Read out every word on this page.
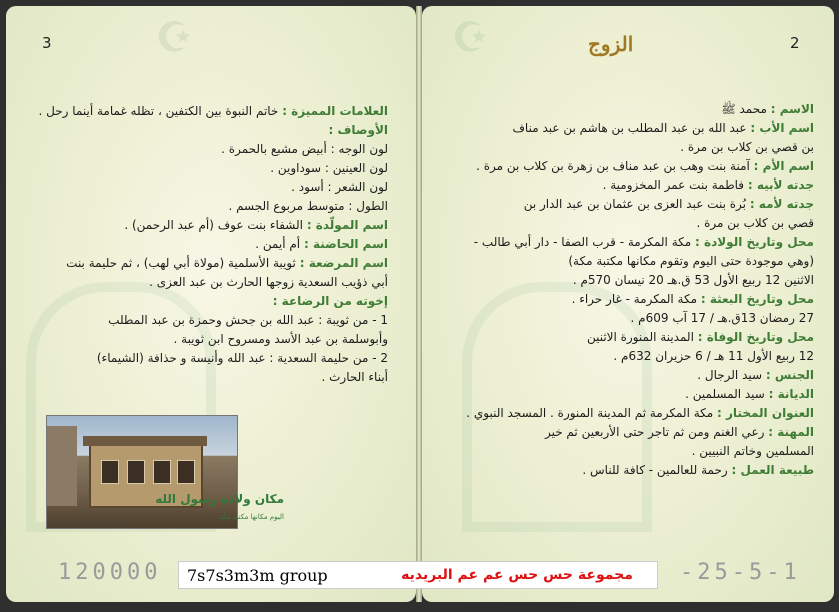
☪
3
العلامات المميزة : خاتم النبوة بين الكتفين ، تظله غمامة أينما رحل .
الأوصاف :
لون الوجه : أبيض مشبع بالحمرة .
لون العينين : سوداوين .
لون الشعر : أسود .
الطول : متوسط مربوع الجسم .
اسم المولّدة : الشفاء بنت عوف (أم عبد الرحمن) .
اسم الحاضنة : أم أيمن .
اسم المرضعة : ثويبة الأسلمية (مولاة أبي لهب) ، ثم حليمة بنت
أبي ذؤيب السعدية زوجها الحارث بن عبد العزى .
إخوته من الرضاعة :
1 - من ثويبة : عبد الله بن جحش وحمزة بن عبد المطلب
وأبوسلمة بن عبد الأسد ومسروح ابن ثويبة .
2 - من حليمة السعدية : عبد الله وأنيسة و حذافة (الشيماء)
أبناء الحارث .
مكان ولادة رسول الله
اليوم مكانها مكتبة مكة
☪	2
الزوج
الاسم : محمد ﷺ
اسم الأب : عبد الله بن عبد المطلب بن هاشم بن عبد مناف
بن قصي بن كلاب بن مرة .
اسم الأم : آمنة بنت وهب بن عبد مناف بن زهرة بن كلاب بن مرة .
جدته لأبيه : فاطمة بنت عمر المخزومية .
جدته لأمه : بُرة بنت عبد العزى بن عثمان بن عبد الدار بن
قصي بن كلاب بن مرة .
محل وتاريخ الولادة : مكة المكرمة - قرب الصفا - دار أبي طالب -
(وهي موجودة حتى اليوم وتقوم مكانها مكتبة مكة)
الاثنين 12 ربيع الأول 53 ق.هـ 20 نيسان 570م .
محل وتاريخ البعثة : مكة المكرمة - غار حراء .
27 رمضان 13ق.هـ / 17 آب 609م .
محل وتاريخ الوفاة : المدينة المنورة الاثنين
12 ربيع الأول 11 هـ / 6 حزيران 632م .
الجنس : سيد الرجال .
الديانة : سيد المسلمين .
العنوان المختار : مكة المكرمة ثم المدينة المنورة . المسجد النبوي .
المهنة : رعي الغنم ومن ثم تاجر حتى الأربعين ثم خير
المسلمين وخاتم النبيين .
طبيعة العمل : رحمة للعالمين - كافة للناس .
120000	-25-5-1
7s7s3m3m group	مجموعة حس حس عم عم البريديه
